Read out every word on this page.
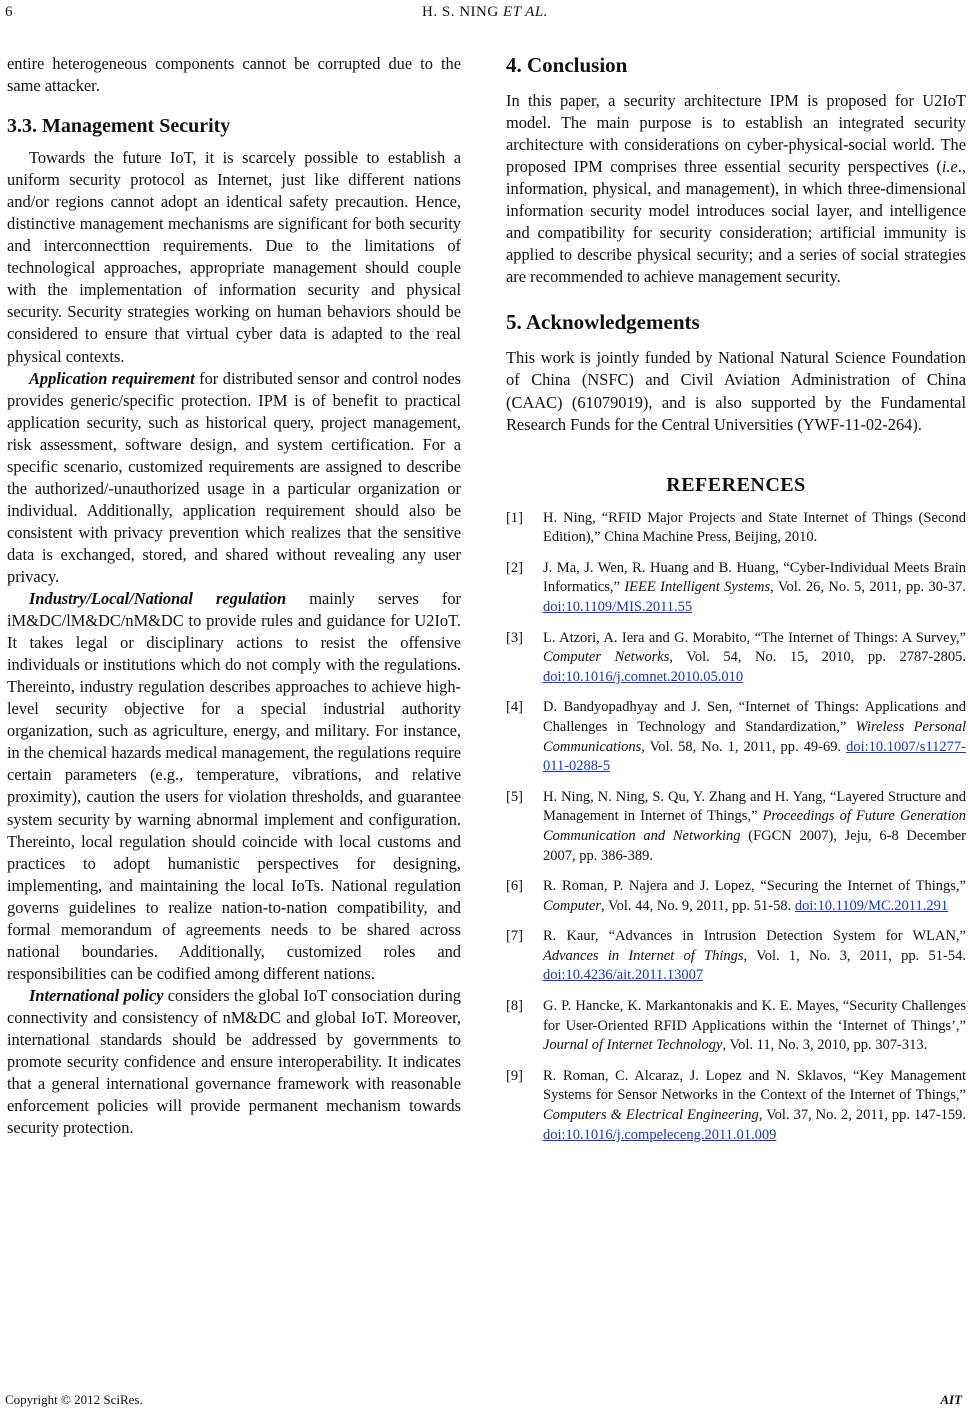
6	H. S. NING ET AL.

entire heterogeneous components cannot be corrupted due to the same attacker.

3.3. Management Security

Towards the future IoT, it is scarcely possible to establish a uniform security protocol as Internet, just like different nations and/or regions cannot adopt an identical safety precaution. Hence, distinctive management mechanisms are significant for both security and interconnecttion requirements. Due to the limitations of technological approaches, appropriate management should couple with the implementation of information security and physical security. Security strategies working on human behaviors should be considered to ensure that virtual cyber data is adapted to the real physical contexts.

Application requirement for distributed sensor and control nodes provides generic/specific protection. IPM is of benefit to practical application security, such as historical query, project management, risk assessment, software design, and system certification. For a specific scenario, customized requirements are assigned to describe the authorized/-unauthorized usage in a particular organization or individual. Additionally, application requirement should also be consistent with privacy prevention which realizes that the sensitive data is exchanged, stored, and shared without revealing any user privacy.

Industry/Local/National regulation mainly serves for iM&DC/lM&DC/nM&DC to provide rules and guidance for U2IoT. It takes legal or disciplinary actions to resist the offensive individuals or institutions which do not comply with the regulations. Thereinto, industry regulation describes approaches to achieve high-level security objective for a special industrial authority organization, such as agriculture, energy, and military. For instance, in the chemical hazards medical management, the regulations require certain parameters (e.g., temperature, vibrations, and relative proximity), caution the users for violation thresholds, and guarantee system security by warning abnormal implement and configuration. Thereinto, local regulation should coincide with local customs and practices to adopt humanistic perspectives for designing, implementing, and maintaining the local IoTs. National regulation governs guidelines to realize nation-to-nation compatibility, and formal memorandum of agreements needs to be shared across national boundaries. Additionally, customized roles and responsibilities can be codified among different nations.

International policy considers the global IoT consociation during connectivity and consistency of nM&DC and global IoT. Moreover, international standards should be addressed by governments to promote security confidence and ensure interoperability. It indicates that a general international governance framework with reasonable enforcement policies will provide permanent mechanism towards security protection.

4. Conclusion

In this paper, a security architecture IPM is proposed for U2IoT model. The main purpose is to establish an integrated security architecture with considerations on cyber-physical-social world. The proposed IPM comprises three essential security perspectives (i.e., information, physical, and management), in which three-dimensional information security model introduces social layer, and intelligence and compatibility for security consideration; artificial immunity is applied to describe physical security; and a series of social strategies are recommended to achieve management security.

5. Acknowledgements

This work is jointly funded by National Natural Science Foundation of China (NSFC) and Civil Aviation Administration of China (CAAC) (61079019), and is also supported by the Fundamental Research Funds for the Central Universities (YWF-11-02-264).

REFERENCES
[1] H. Ning, “RFID Major Projects and State Internet of Things (Second Edition),” China Machine Press, Beijing, 2010.
[2] J. Ma, J. Wen, R. Huang and B. Huang, “Cyber-Individual Meets Brain Informatics,” IEEE Intelligent Systems, Vol. 26, No. 5, 2011, pp. 30-37. doi:10.1109/MIS.2011.55
[3] L. Atzori, A. Iera and G. Morabito, “The Internet of Things: A Survey,” Computer Networks, Vol. 54, No. 15, 2010, pp. 2787-2805. doi:10.1016/j.comnet.2010.05.010
[4] D. Bandyopadhyay and J. Sen, “Internet of Things: Applications and Challenges in Technology and Standardization,” Wireless Personal Communications, Vol. 58, No. 1, 2011, pp. 49-69. doi:10.1007/s11277-011-0288-5
[5] H. Ning, N. Ning, S. Qu, Y. Zhang and H. Yang, “Layered Structure and Management in Internet of Things,” Proceedings of Future Generation Communication and Networking (FGCN 2007), Jeju, 6-8 December 2007, pp. 386-389.
[6] R. Roman, P. Najera and J. Lopez, “Securing the Internet of Things,” Computer, Vol. 44, No. 9, 2011, pp. 51-58. doi:10.1109/MC.2011.291
[7] R. Kaur, “Advances in Intrusion Detection System for WLAN,” Advances in Internet of Things, Vol. 1, No. 3, 2011, pp. 51-54. doi:10.4236/ait.2011.13007
[8] G. P. Hancke, K. Markantonakis and K. E. Mayes, “Security Challenges for User-Oriented RFID Applications within the ‘Internet of Things’,” Journal of Internet Technology, Vol. 11, No. 3, 2010, pp. 307-313.
[9] R. Roman, C. Alcaraz, J. Lopez and N. Sklavos, “Key Management Systems for Sensor Networks in the Context of the Internet of Things,” Computers & Electrical Engineering, Vol. 37, No. 2, 2011, pp. 147-159. doi:10.1016/j.compeleceng.2011.01.009
Copyright © 2012 SciRes.	AIT
